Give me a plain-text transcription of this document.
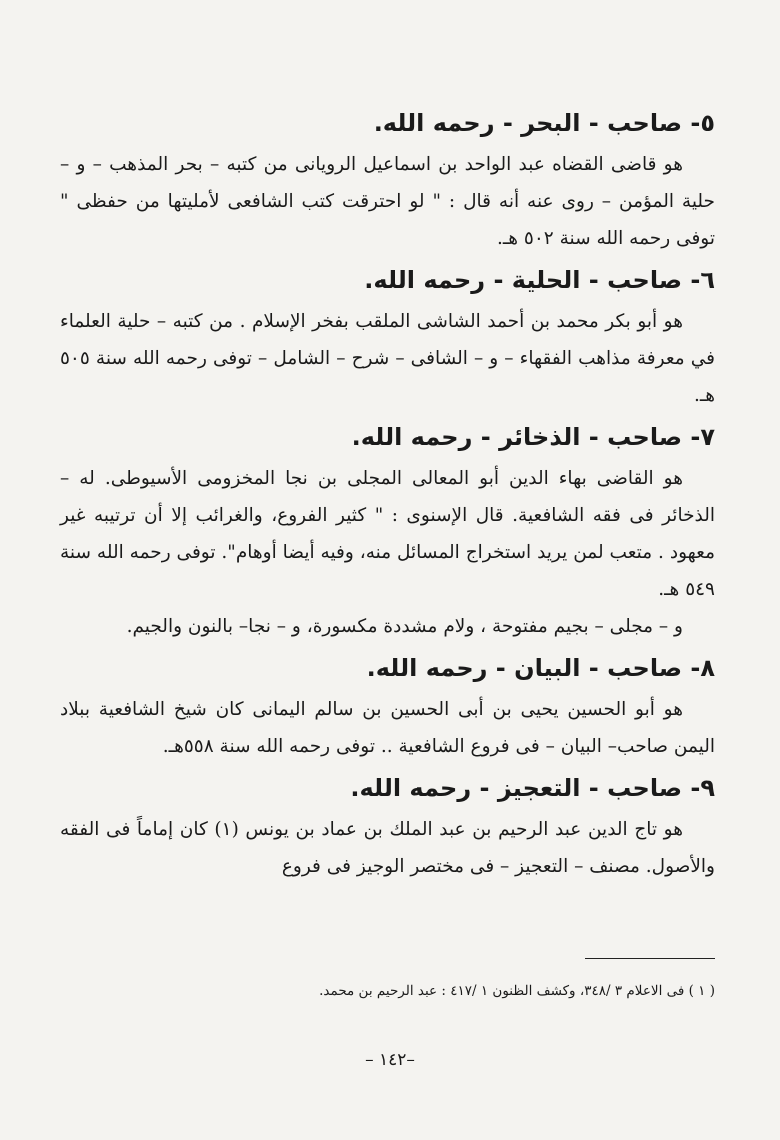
٥- صاحب - البحر - رحمه الله.

هو قاضى القضاه عبد الواحد بن اسماعيل الرويانى من كتبه – بحر المذهب – و – حلية المؤمن – روى عنه أنه قال : " لو احترقت كتب الشافعى لأمليتها من حفظى " توفى رحمه الله سنة ٥٠٢ هـ.

٦- صاحب - الحلية - رحمه الله.

هو أبو بكر محمد بن أحمد الشاشى الملقب بفخر الإسلام . من كتبه – حلية العلماء في معرفة مذاهب الفقهاء – و – الشافى – شرح – الشامل – توفى رحمه الله سنة ٥٠٥ هـ.

٧- صاحب - الذخائر - رحمه الله.

هو القاضى بهاء الدين أبو المعالى المجلى بن نجا المخزومى الأسيوطى. له – الذخائر فى فقه الشافعية. قال الإسنوى : " كثير الفروع، والغرائب إلا أن ترتيبه غير معهود . متعب لمن يريد استخراج المسائل منه، وفيه أيضا أوهام". توفى رحمه الله سنة ٥٤٩ هـ.

و – مجلى – بجيم مفتوحة ، ولام مشددة مكسورة، و – نجا– بالنون والجيم.

٨- صاحب - البيان - رحمه الله.

هو أبو الحسين يحيى بن أبى الحسين بن سالم اليمانى كان شيخ الشافعية ببلاد اليمن صاحب– البيان – فى فروع الشافعية .. توفى رحمه الله سنة ٥٥٨هـ.

٩- صاحب - التعجيز - رحمه الله.

هو تاج الدين عبد الرحيم بن عبد الملك بن عماد بن يونس (١) كان إماماً فى الفقه والأصول. مصنف – التعجيز – فى مختصر الوجيز فى فروع

( ١ ) فى الاعلام ٣ /٣٤٨، وكشف الظنون ١ /٤١٧ : عبد الرحيم بن محمد.

–١٤٢ –
